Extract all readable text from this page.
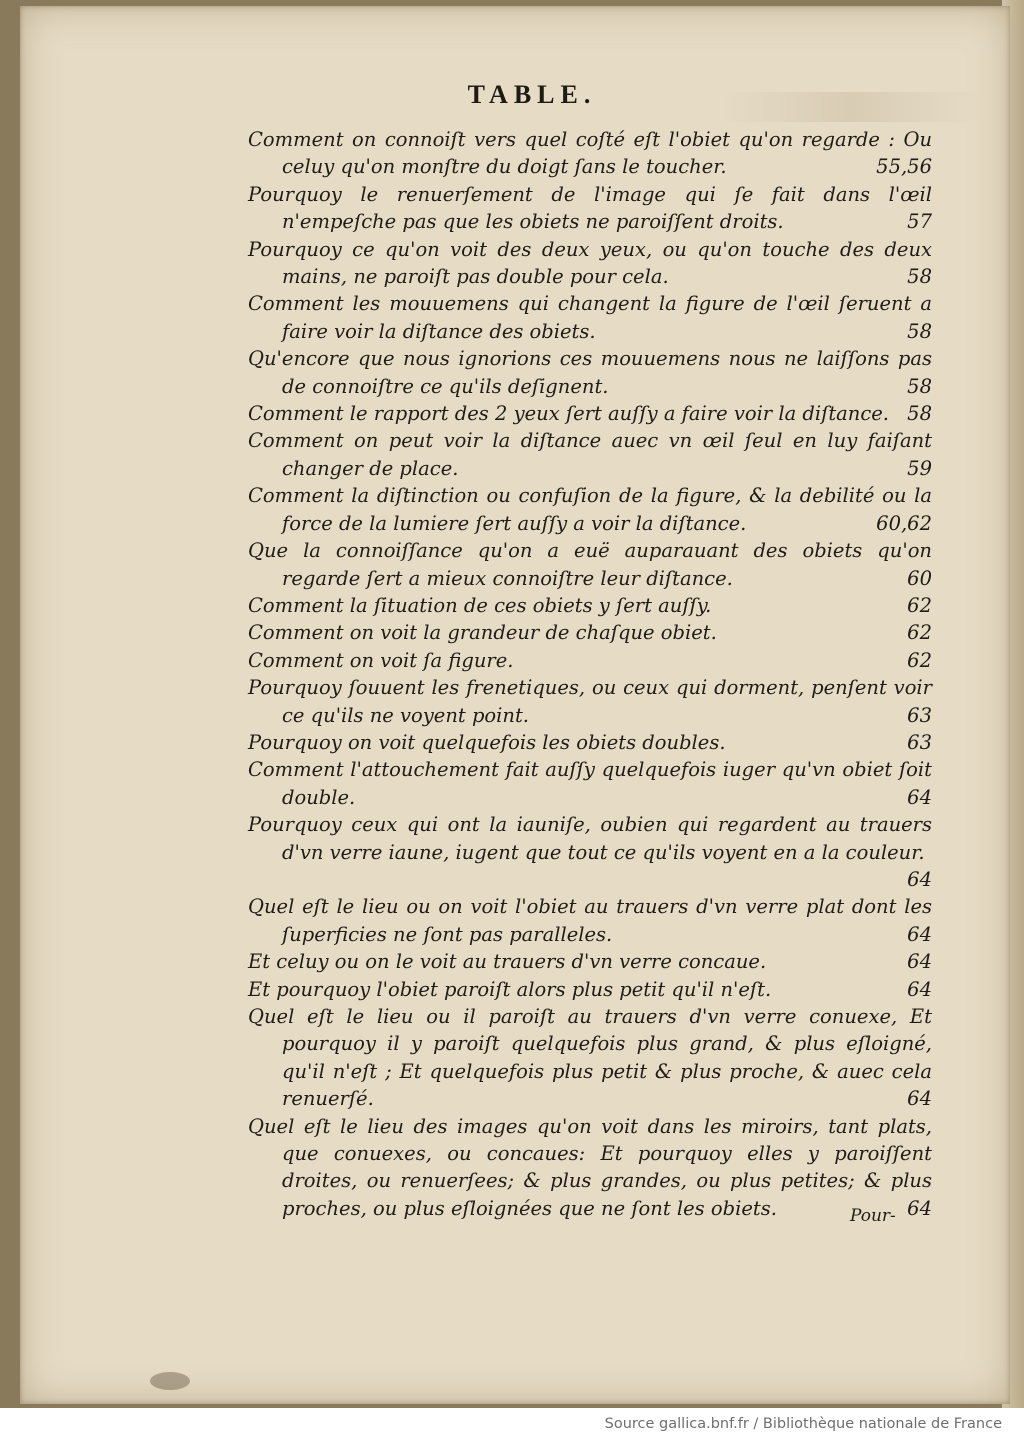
TABLE.

Comment on connoiſt vers quel coſté eſt l'obiet qu'on regarde : Ou celuy qu'on monſtre du doigt ſans le toucher.	55,56

Pourquoy le renuerſement de l'image qui ſe fait dans l'œil n'empeſche pas que les obiets ne paroiſſent droits.	57

Pourquoy ce qu'on voit des deux yeux, ou qu'on touche des deux mains, ne paroiſt pas double pour cela.	58

Comment les mouuemens qui changent la figure de l'œil ſeruent a faire voir la diſtance des obiets.	58

Qu'encore que nous ignorions ces mouuemens nous ne laiſſons pas de connoiſtre ce qu'ils deſignent.	58

Comment le rapport des 2 yeux ſert auſſy a faire voir la diſtance. 58

Comment on peut voir la diſtance auec vn œil ſeul en luy faiſant changer de place.	59

Comment la diſtinction ou confuſion de la figure, & la debilité ou la force de la lumiere ſert auſſy a voir la diſtance.	60,62

Que la connoiſſance qu'on a euë auparauant des obiets qu'on regarde ſert a mieux connoiſtre leur diſtance.	60

Comment la ſituation de ces obiets y ſert auſſy.	62

Comment on voit la grandeur de chaſque obiet.	62

Comment on voit ſa figure.	62

Pourquoy ſouuent les frenetiques, ou ceux qui dorment, penſent voir ce qu'ils ne voyent point.	63

Pourquoy on voit quelquefois les obiets doubles.	63

Comment l'attouchement fait auſſy quelquefois iuger qu'vn obiet ſoit double.	64

Pourquoy ceux qui ont la iauniſe, oubien qui regardent au trauers d'vn verre iaune, iugent que tout ce qu'ils voyent en a la couleur.
64

Quel eſt le lieu ou on voit l'obiet au trauers d'vn verre plat dont les ſuperficies ne ſont pas paralleles.	64

Et celuy ou on le voit au trauers d'vn verre concaue.	64

Et pourquoy l'obiet paroiſt alors plus petit qu'il n'eſt.	64

Quel eſt le lieu ou il paroiſt au trauers d'vn verre conuexe, Et pourquoy il y paroiſt quelquefois plus grand, & plus eſloigné, qu'il n'eſt ; Et quelquefois plus petit & plus proche, & auec cela renuerſé.	64

Quel eſt le lieu des images qu'on voit dans les miroirs, tant plats, que conuexes, ou concaues: Et pourquoy elles y paroiſſent droites, ou renuerſees; & plus grandes, ou plus petites; & plus proches, ou plus eſloignées que ne ſont les obiets.	64

Pour-
Source gallica.bnf.fr / Bibliothèque nationale de France
